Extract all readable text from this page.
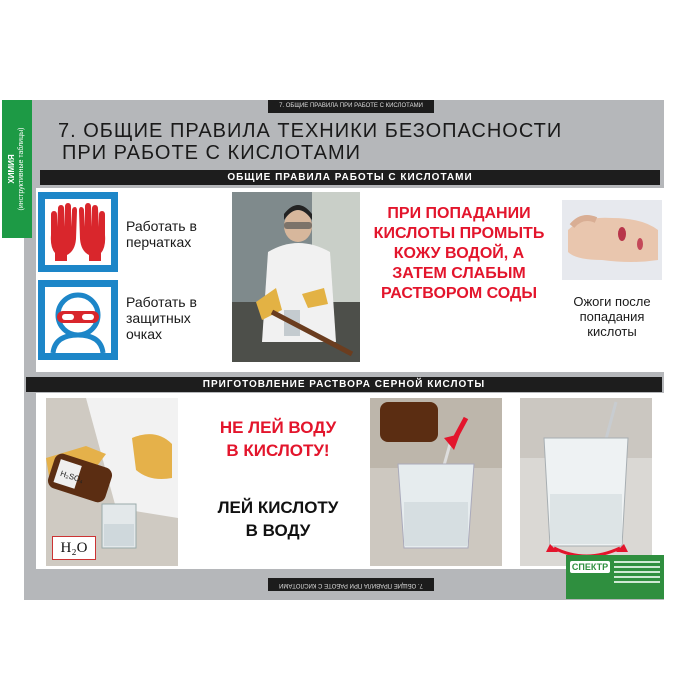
7. ОБЩИЕ ПРАВИЛА ПРИ РАБОТЕ С КИСЛОТАМИ
ХИМИЯ (инструктивные таблицы) 7. ОБЩИЕ ПРАВИЛА ТЕХНИКИ БЕЗОПАСНОСТИ
ПРИ РАБОТЕ С КИСЛОТАМИ
ОБЩИЕ ПРАВИЛА РАБОТЫ С КИСЛОТАМИ
Работать в перчатках
Работать в защитных очках
ПРИ ПОПАДАНИИ КИСЛОТЫ ПРОМЫТЬ КОЖУ ВОДОЙ, А ЗАТЕМ СЛАБЫМ РАСТВОРОМ СОДЫ	Ожоги после попадания кислоты
ПРИГОТОВЛЕНИЕ РАСТВОРА СЕРНОЙ КИСЛОТЫ
H₂SO₄
H₂O
НЕ ЛЕЙ ВОДУ В КИСЛОТУ!
ЛЕЙ КИСЛОТУ В ВОДУ
7. ОБЩИЕ ПРАВИЛА ПРИ РАБОТЕ С КИСЛОТАМИ
СПЕКТР
